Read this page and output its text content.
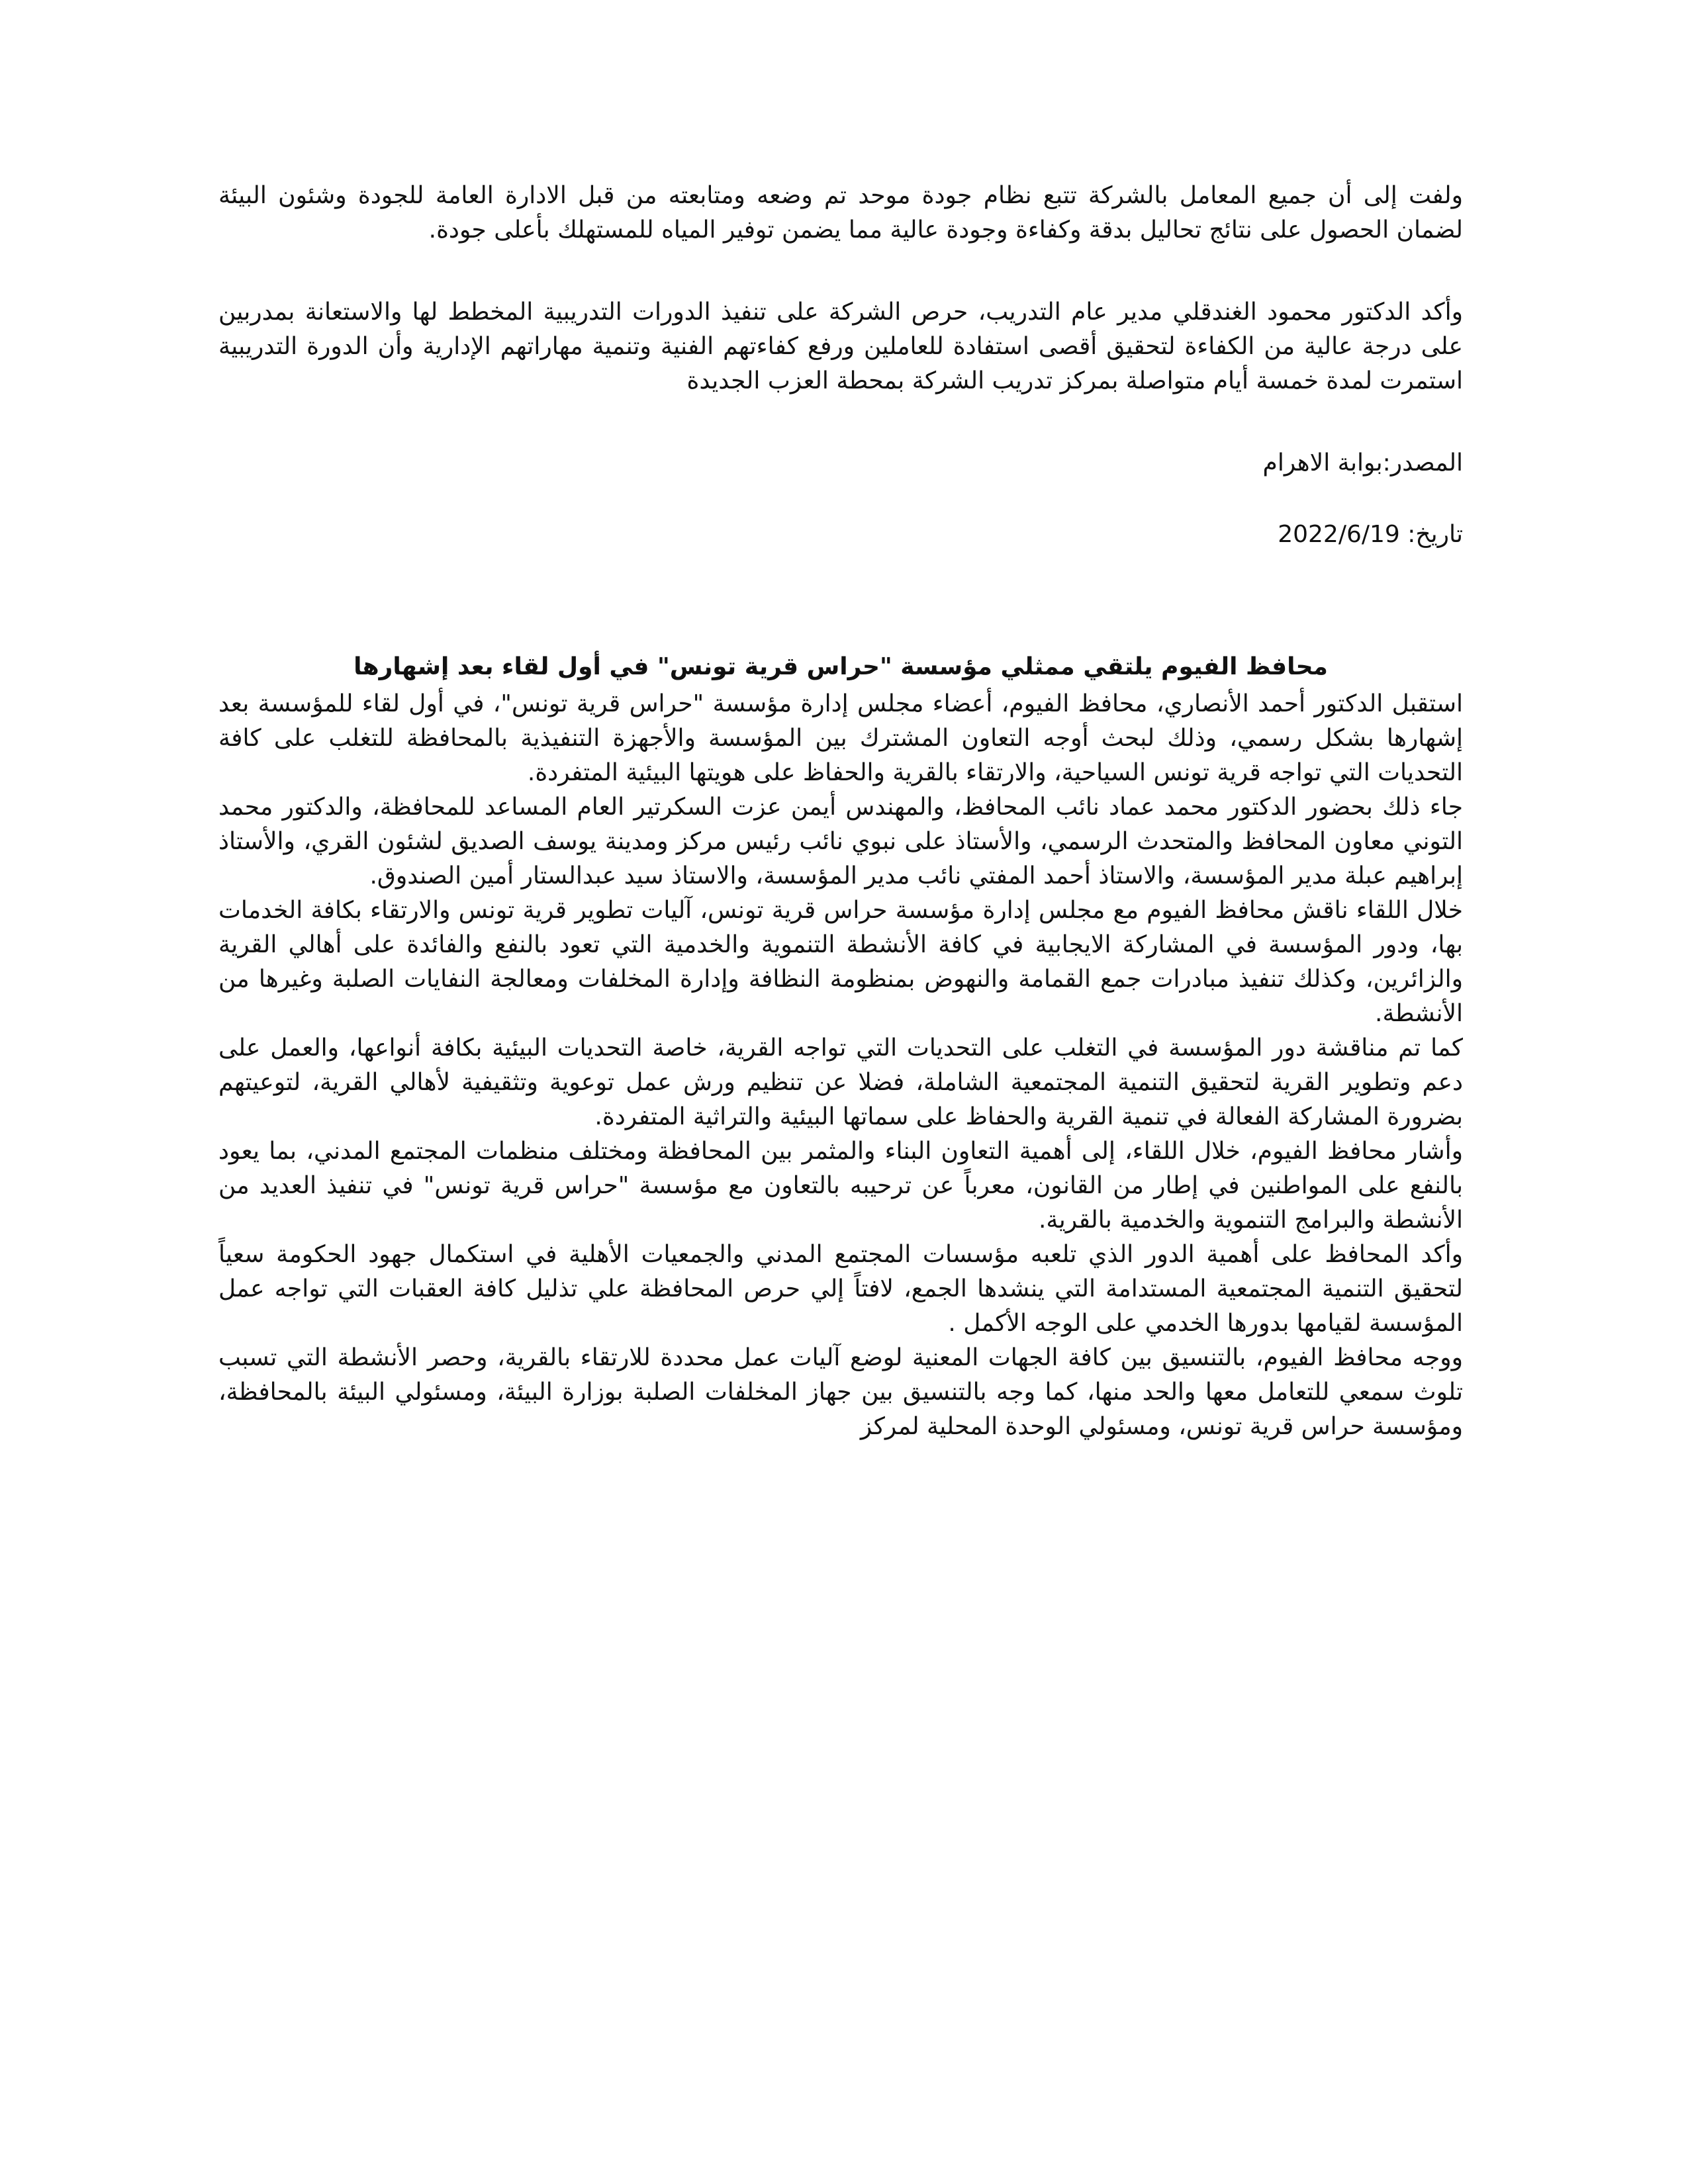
ولفت إلى أن جميع المعامل بالشركة تتبع نظام جودة موحد تم وضعه ومتابعته من قبل الادارة العامة للجودة وشئون البيئة لضمان الحصول على نتائج تحاليل بدقة وكفاءة وجودة عالية مما يضمن توفير المياه للمستهلك بأعلى جودة.

وأكد الدكتور محمود الغندقلي مدير عام التدريب، حرص الشركة على تنفيذ الدورات التدريبية المخطط لها والاستعانة بمدربين على درجة عالية من الكفاءة لتحقيق أقصى استفادة للعاملين ورفع كفاءتهم الفنية وتنمية مهاراتهم الإدارية وأن الدورة التدريبية استمرت لمدة خمسة أيام متواصلة بمركز تدريب الشركة بمحطة العزب الجديدة

المصدر:بوابة الاهرام

تاريخ: 2022/6/19

محافظ الفيوم يلتقي ممثلي مؤسسة "حراس قرية تونس" في أول لقاء بعد إشهارها

استقبل الدكتور أحمد الأنصاري، محافظ الفيوم، أعضاء مجلس إدارة مؤسسة "حراس قرية تونس"، في أول لقاء للمؤسسة بعد إشهارها بشكل رسمي، وذلك لبحث أوجه التعاون المشترك بين المؤسسة والأجهزة التنفيذية بالمحافظة للتغلب على كافة التحديات التي تواجه قرية تونس السياحية، والارتقاء بالقرية والحفاظ على هويتها البيئية المتفردة.

جاء ذلك بحضور الدكتور محمد عماد نائب المحافظ، والمهندس أيمن عزت السكرتير العام المساعد للمحافظة، والدكتور محمد التوني معاون المحافظ والمتحدث الرسمي، والأستاذ على نبوي نائب رئيس مركز ومدينة يوسف الصديق لشئون القري، والأستاذ إبراهيم عبلة مدير المؤسسة، والاستاذ أحمد المفتي نائب مدير المؤسسة، والاستاذ سيد عبدالستار أمين الصندوق.

خلال اللقاء ناقش محافظ الفيوم مع مجلس إدارة مؤسسة حراس قرية تونس، آليات تطوير قرية تونس والارتقاء بكافة الخدمات بها، ودور المؤسسة في المشاركة الايجابية في كافة الأنشطة التنموية والخدمية التي تعود بالنفع والفائدة على أهالي القرية والزائرين، وكذلك تنفيذ مبادرات جمع القمامة والنهوض بمنظومة النظافة وإدارة المخلفات ومعالجة النفايات الصلبة وغيرها من الأنشطة.

كما تم مناقشة دور المؤسسة في التغلب على التحديات التي تواجه القرية، خاصة التحديات البيئية بكافة أنواعها، والعمل على دعم وتطوير القرية لتحقيق التنمية المجتمعية الشاملة، فضلا عن تنظيم ورش عمل توعوية وتثقيفية لأهالي القرية، لتوعيتهم بضرورة المشاركة الفعالة في تنمية القرية والحفاظ على سماتها البيئية والتراثية المتفردة.

وأشار محافظ الفيوم، خلال اللقاء، إلى أهمية التعاون البناء والمثمر بين المحافظة ومختلف منظمات المجتمع المدني، بما يعود بالنفع على المواطنين في إطار من القانون، معرباً عن ترحيبه بالتعاون مع مؤسسة "حراس قرية تونس" في تنفيذ العديد من الأنشطة والبرامج التنموية والخدمية بالقرية.

وأكد المحافظ على أهمية الدور الذي تلعبه مؤسسات المجتمع المدني والجمعيات الأهلية في استكمال جهود الحكومة سعياً لتحقيق التنمية المجتمعية المستدامة التي ينشدها الجمع، لافتاً إلي حرص المحافظة علي تذليل كافة العقبات التي تواجه عمل المؤسسة لقيامها بدورها الخدمي على الوجه الأكمل .

ووجه محافظ الفيوم، بالتنسيق بين كافة الجهات المعنية لوضع آليات عمل محددة للارتقاء بالقرية، وحصر الأنشطة التي تسبب تلوث سمعي للتعامل معها والحد منها، كما وجه بالتنسيق بين جهاز المخلفات الصلبة بوزارة البيئة، ومسئولي البيئة بالمحافظة، ومؤسسة حراس قرية تونس، ومسئولي الوحدة المحلية لمركز
